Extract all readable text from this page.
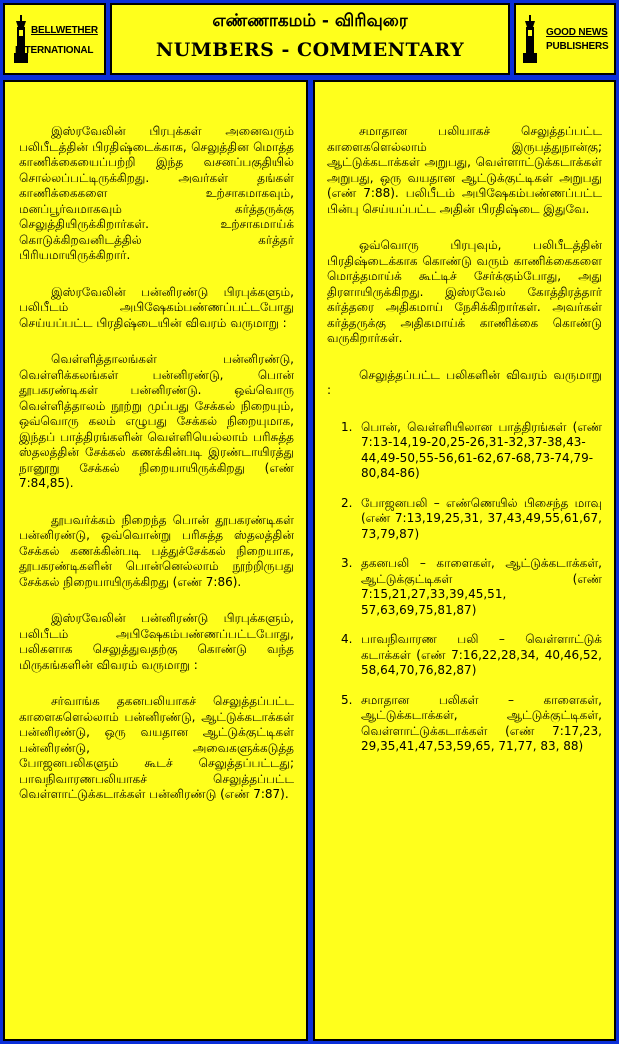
BELLWETHER
INTERNATIONAL
எண்ணாகமம் - விரிவுரை
NUMBERS - COMMENTARY
GOOD NEWS
PUBLISHERS

இஸ்ரவேலின் பிரபுக்கள் அனைவரும் பலிபீடத்தின் பிரதிஷ்டைக்காக, செலுத்தின மொத்த காணிக்கையைப்பற்றி இந்த வசனப்பகுதியில் சொல்லப்பட்டிருக்கிறது. அவர்கள் தங்கள் காணிக்கைகளை உற்சாகமாகவும், மனப்பூர்வமாகவும் கர்த்தருக்கு செலுத்தியிருக்கிறார்கள். உற்சாகமாய்க் கொடுக்கிறவனிடத்தில் கர்த்தர் பிரியமாயிருக்கிறார்.

இஸ்ரவேலின் பன்னிரண்டு பிரபுக்களும், பலிபீடம் அபிஷேகம்பண்ணப்பட்டபோது செய்யப்பட்ட பிரதிஷ்டையின் விவரம் வருமாறு :

வெள்ளித்தாலங்கள் பன்னிரண்டு, வெள்ளிக்கலங்கள் பன்னிரண்டு, பொன் தூபகரண்டிகள் பன்னிரண்டு. ஒவ்வொரு வெள்ளித்தாலம் நூற்று முப்பது சேக்கல் நிறையும், ஒவ்வொரு கலம் எழுபது சேக்கல் நிறையுமாக, இந்தப் பாத்திரங்களின் வெள்ளியெல்லாம் பரிசுத்த ஸ்தலத்தின் சேக்கல் கணக்கின்படி இரண்டாயிரத்து நானூறு சேக்கல் நிறையாயிருக்கிறது (எண் 7:84,85).

தூபவர்க்கம் நிறைந்த பொன் தூபகரண்டிகள் பன்னிரண்டு, ஒவ்வொன்று பரிசுத்த ஸ்தலத்தின் சேக்கல் கணக்கின்படி பத்துச்சேக்கல் நிறையாக, தூபகரண்டிகளின் பொன்னெல்லாம் நூற்றிருபது சேக்கல் நிறையாயிருக்கிறது (எண் 7:86).

இஸ்ரவேலின் பன்னிரண்டு பிரபுக்களும், பலிபீடம் அபிஷேகம்பண்ணப்பட்டபோது, பலிகளாக செலுத்துவதற்கு கொண்டு வந்த மிருகங்களின் விவரம் வருமாறு :

சர்வாங்க தகனபலியாகச் செலுத்தப்பட்ட காளைகளெல்லாம் பன்னிரண்டு, ஆட்டுக்கடாக்கள் பன்னிரண்டு, ஒரு வயதான ஆட்டுக்குட்டிகள் பன்னிரண்டு, அவைகளுக்கடுத்த போஜனபலிகளும் கூடச் செலுத்தப்பட்டது; பாவநிவாரணபலியாகச் செலுத்தப்பட்ட வெள்ளாட்டுக்கடாக்கள் பன்னிரண்டு (எண் 7:87).

சமாதான பலியாகச் செலுத்தப்பட்ட காளைகளெல்லாம் இருபத்துநான்கு; ஆட்டுக்கடாக்கள் அறுபது, வெள்ளாட்டுக்கடாக்கள் அறுபது, ஒரு வயதான ஆட்டுக்குட்டிகள் அறுபது (எண் 7:88). பலிபீடம் அபிஷேகம்பண்ணப்பட்ட பின்பு செய்யப்பட்ட அதின் பிரதிஷ்டை இதுவே.

ஒவ்வொரு பிரபுவும், பலிபீடத்தின் பிரதிஷ்டைக்காக கொண்டு வரும் காணிக்கைகளை மொத்தமாய்க் கூட்டிச் சேர்க்கும்போது, அது திரளாயிருக்கிறது. இஸ்ரவேல் கோத்திரத்தார் கர்த்தரை அதிகமாய் நேசிக்கிறார்கள். அவர்கள் கர்த்தருக்கு அதிகமாய்க் காணிக்கை கொண்டு வருகிறார்கள்.

செலுத்தப்பட்ட பலிகளின் விவரம் வருமாறு :

1. பொன், வெள்ளியிலான பாத்திரங்கள் (எண் 7:13-14,19-20,25-26,31-32,37-38,43-44,49-50,55-56,61-62,67-68,73-74,79-80,84-86)
2. போஜனபலி – எண்ணெயில் பிசைந்த மாவு (எண் 7:13,19,25,31, 37,43,49,55,61,67, 73,79,87)
3. தகனபலி – காளைகள், ஆட்டுக்கடாக்கள், ஆட்டுக்குட்டிகள் (எண் 7:15,21,27,33,39,45,51, 57,63,69,75,81,87)
4. பாவநிவாரண பலி – வெள்ளாட்டுக் கடாக்கள் (எண் 7:16,22,28,34, 40,46,52, 58,64,70,76,82,87)
5. சமாதான பலிகள் – காளைகள், ஆட்டுக்கடாக்கள், ஆட்டுக்குட்டிகள், வெள்ளாட்டுக்கடாக்கள் (எண் 7:17,23, 29,35,41,47,53,59,65, 71,77, 83, 88)
